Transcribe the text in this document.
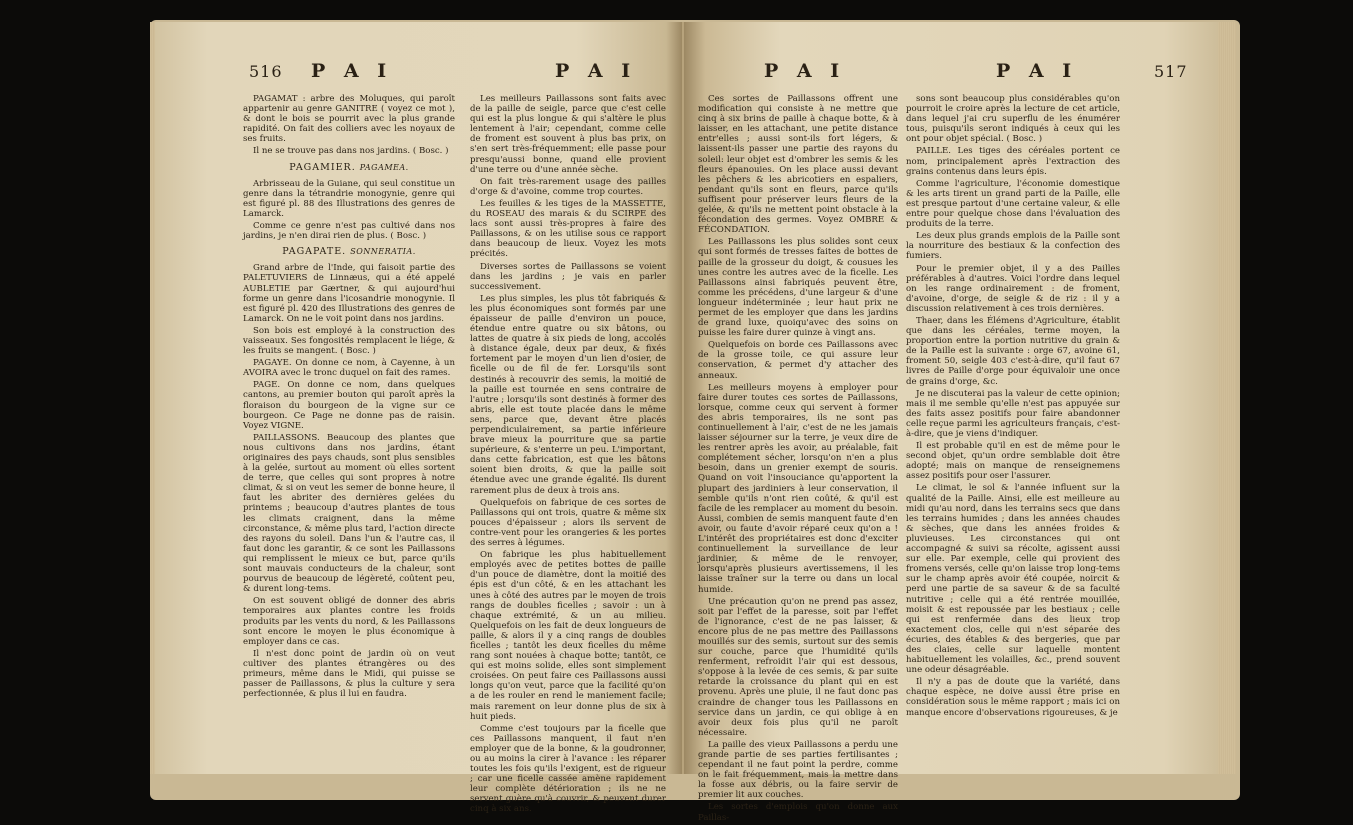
516 P A I	P A I

PAGAMAT : arbre des Moluques, qui paroît appartenir au genre GANITRE ( voyez ce mot ), & dont le bois se pourrit avec la plus grande rapidité. On fait des colliers avec les noyaux de ses fruits.

Il ne se trouve pas dans nos jardins. ( Bosc. )

PAGAMIER. PAGAMEA.

Arbrisseau de la Guiane, qui seul constitue un genre dans la tétrandrie monogynie, genre qui est figuré pl. 88 des Illustrations des genres de Lamarck.

Comme ce genre n'est pas cultivé dans nos jardins, je n'en dirai rien de plus. ( Bosc. )

PAGAPATE. SONNERATIA.

Grand arbre de l'Inde, qui faisoit partie des PALETUVIERS de Linnæus, qui a été appelé AUBLETIE par Gærtner, & qui aujourd'hui forme un genre dans l'icosandrie monogynie. Il est figuré pl. 420 des Illustrations des genres de Lamarck. On ne le voit point dans nos jardins.

Son bois est employé à la construction des vaisseaux. Ses fongosités remplacent le liége, & les fruits se mangent. ( Bosc. )

PAGAYE. On donne ce nom, à Cayenne, à un AVOIRA avec le tronc duquel on fait des rames.

PAGE. On donne ce nom, dans quelques cantons, au premier bouton qui paroît après la floraison du bourgeon de la vigne sur ce bourgeon. Ce Page ne donne pas de raisin. Voyez VIGNE.

PAILLASSONS. Beaucoup des plantes que nous cultivons dans nos jardins, étant originaires des pays chauds, sont plus sensibles à la gelée, surtout au moment où elles sortent de terre, que celles qui sont propres à notre climat, & si on veut les semer de bonne heure, il faut les abriter des dernières gelées du printems ; beaucoup d'autres plantes de tous les climats craignent, dans la même circonstance, & même plus tard, l'action directe des rayons du soleil. Dans l'un & l'autre cas, il faut donc les garantir, & ce sont les Paillassons qui remplissent le mieux ce but, parce qu'ils sont mauvais conducteurs de la chaleur, sont pourvus de beaucoup de légèreté, coûtent peu, & durent long-tems.

On est souvent obligé de donner des abris temporaires aux plantes contre les froids produits par les vents du nord, & les Paillassons sont encore le moyen le plus économique à employer dans ce cas.

Il n'est donc point de jardin où on veut cultiver des plantes étrangères ou des primeurs, même dans le Midi, qui puisse se passer de Paillassons, & plus la culture y sera perfectionnée, & plus il lui en faudra.

Les meilleurs Paillassons sont faits avec de la paille de seigle, parce que c'est celle qui est la plus longue & qui s'altère le plus lentement à l'air; cependant, comme celle de froment est souvent à plus bas prix, on s'en sert très-fréquemment; elle passe pour presqu'aussi bonne, quand elle provient d'une terre ou d'une année sèche.

On fait très-rarement usage des pailles d'orge & d'avoine, comme trop courtes.

Les feuilles & les tiges de la MASSETTE, du ROSEAU des marais & du SCIRPE des lacs sont aussi très-propres à faire des Paillassons, & on les utilise sous ce rapport dans beaucoup de lieux. Voyez les mots précités.

Diverses sortes de Paillassons se voient dans les jardins ; je vais en parler successivement.

Les plus simples, les plus tôt fabriqués & les plus économiques sont formés par une épaisseur de paille d'environ un pouce, étendue entre quatre ou six bâtons, ou lattes de quatre à six pieds de long, accolés à distance égale, deux par deux, & fixés fortement par le moyen d'un lien d'osier, de ficelle ou de fil de fer. Lorsqu'ils sont destinés à recouvrir des semis, la moitié de la paille est tournée en sens contraire de l'autre ; lorsqu'ils sont destinés à former des abris, elle est toute placée dans le même sens, parce que, devant être placés perpendiculairement, sa partie inférieure brave mieux la pourriture que sa partie supérieure, & s'enterre un peu. L'important, dans cette fabrication, est que les bâtons soient bien droits, & que la paille soit étendue avec une grande égalité. Ils durent rarement plus de deux à trois ans.

Quelquefois on fabrique de ces sortes de Paillassons qui ont trois, quatre & même six pouces d'épaisseur ; alors ils servent de contre-vent pour les orangeries & les portes des serres à légumes.

On fabrique les plus habituellement employés avec de petites bottes de paille d'un pouce de diamètre, dont la moitié des épis est d'un côté, & en les attachant les unes à côté des autres par le moyen de trois rangs de doubles ficelles ; savoir : un à chaque extrémité, & un au milieu. Quelquefois on les fait de deux longueurs de paille, & alors il y a cinq rangs de doubles ficelles ; tantôt les deux ficelles du même rang sont nouées à chaque botte; tantôt, ce qui est moins solide, elles sont simplement croisées. On peut faire ces Paillassons aussi longs qu'on veut, parce que la facilité qu'on a de les rouler en rend le maniement facile; mais rarement on leur donne plus de six à huit pieds.

Comme c'est toujours par la ficelle que ces Paillassons manquent, il faut n'en employer que de la bonne, & la goudronner, ou au moins la cirer à l'avance : les réparer toutes les fois qu'ils l'exigent, est de rigueur ; car une ficelle cassée amène rapidement leur complète détérioration ; ils ne ne servent guère qu'à couvrir, & peuvent durer cinq à six ans.

P A I	P A I	517

Ces sortes de Paillassons offrent une modification qui consiste à ne mettre que cinq à six brins de paille à chaque botte, & à laisser, en les attachant, une petite distance entr'elles ; aussi sont-ils fort légers, & laissent-ils passer une partie des rayons du soleil: leur objet est d'ombrer les semis & les fleurs épanouies. On les place aussi devant les pêchers & les abricotiers en espaliers, pendant qu'ils sont en fleurs, parce qu'ils suffisent pour préserver leurs fleurs de la gelée, & qu'ils ne mettent point obstacle à la fécondation des germes. Voyez OMBRE & FÉCONDATION.

Les Paillassons les plus solides sont ceux qui sont formés de tresses faites de bottes de paille de la grosseur du doigt, & cousues les unes contre les autres avec de la ficelle. Les Paillassons ainsi fabriqués peuvent être, comme les précédens, d'une largeur & d'une longueur indéterminée ; leur haut prix ne permet de les employer que dans les jardins de grand luxe, quoiqu'avec des soins on puisse les faire durer quinze à vingt ans.

Quelquefois on borde ces Paillassons avec de la grosse toile, ce qui assure leur conservation, & permet d'y attacher des anneaux.

Les meilleurs moyens à employer pour faire durer toutes ces sortes de Paillassons, lorsque, comme ceux qui servent à former des abris temporaires, ils ne sont pas continuellement à l'air, c'est de ne les jamais laisser séjourner sur la terre, je veux dire de les rentrer après les avoir, au préalable, fait complétement sécher, lorsqu'on n'en a plus besoin, dans un grenier exempt de souris. Quand on voit l'insouciance qu'apportent la plupart des jardiniers à leur conservation, il semble qu'ils n'ont rien coûté, & qu'il est facile de les remplacer au moment du besoin. Aussi, combien de semis manquent faute d'en avoir, ou faute d'avoir réparé ceux qu'on a ! L'intérêt des propriétaires est donc d'exciter continuellement la surveillance de leur jardinier, & même de le renvoyer, lorsqu'après plusieurs avertissemens, il les laisse traîner sur la terre ou dans un local humide.

Une précaution qu'on ne prend pas assez, soit par l'effet de la paresse, soit par l'effet de l'ignorance, c'est de ne pas laisser, & encore plus de ne pas mettre des Paillassons mouillés sur des semis, surtout sur des semis sur couche, parce que l'humidité qu'ils renferment, refroidit l'air qui est dessous, s'oppose à la levée de ces semis, & par suite retarde la croissance du plant qui en est provenu. Après une pluie, il ne faut donc pas craindre de changer tous les Paillassons en service dans un jardin, ce qui oblige à en avoir deux fois plus qu'il ne paroît nécessaire.

La paille des vieux Paillassons a perdu une grande partie de ses parties fertilisantes ; cependant il ne faut point la perdre, comme on le fait fréquemment, mais la mettre dans la fosse aux débris, ou la faire servir de premier lit aux couches.

Les sortes d'emplois qu'on donne aux Paillas-

sons sont beaucoup plus considérables qu'on pourroit le croire après la lecture de cet article, dans lequel j'ai cru superflu de les énumérer tous, puisqu'ils seront indiqués à ceux qui les ont pour objet spécial. ( Bosc. )

PAILLE. Les tiges des céréales portent ce nom, principalement après l'extraction des grains contenus dans leurs épis.

Comme l'agriculture, l'économie domestique & les arts tirent un grand parti de la Paille, elle est presque partout d'une certaine valeur, & elle entre pour quelque chose dans l'évaluation des produits de la terre.

Les deux plus grands emplois de la Paille sont la nourriture des bestiaux & la confection des fumiers.

Pour le premier objet, il y a des Pailles préférables à d'autres. Voici l'ordre dans lequel on les range ordinairement : de froment, d'avoine, d'orge, de seigle & de riz : il y a discussion relativement à ces trois dernières.

Thaer, dans les Élémens d'Agriculture, établit que dans les céréales, terme moyen, la proportion entre la portion nutritive du grain & de la Paille est la suivante : orge 67, avoine 61, froment 50, seigle 403 c'est-à-dire, qu'il faut 67 livres de Paille d'orge pour équivaloir une once de grains d'orge, &c.

Je ne discuterai pas la valeur de cette opinion; mais il me semble qu'elle n'est pas appuyée sur des faits assez positifs pour faire abandonner celle reçue parmi les agriculteurs français, c'est-à-dire, que je viens d'indiquer.

Il est probable qu'il en est de même pour le second objet, qu'un ordre semblable doit être adopté; mais on manque de renseignemens assez positifs pour oser l'assurer.

Le climat, le sol & l'année influent sur la qualité de la Paille. Ainsi, elle est meilleure au midi qu'au nord, dans les terrains secs que dans les terrains humides ; dans les années chaudes & sèches, que dans les années froides & pluvieuses. Les circonstances qui ont accompagné & suivi sa récolte, agissent aussi sur elle. Par exemple, celle qui provient des fromens versés, celle qu'on laisse trop long-tems sur le champ après avoir été coupée, noircit & perd une partie de sa saveur & de sa faculté nutritive ; celle qui a été rentrée mouillée, moisit & est repoussée par les bestiaux ; celle qui est renfermée dans des lieux trop exactement clos, celle qui n'est séparée des écuries, des étables & des bergeries, que par des claies, celle sur laquelle montent habituellement les volailles, &c., prend souvent une odeur désagréable.

Il n'y a pas de doute que la variété, dans chaque espèce, ne doive aussi être prise en considération sous le même rapport ; mais ici on manque encore d'observations rigoureuses, & je
